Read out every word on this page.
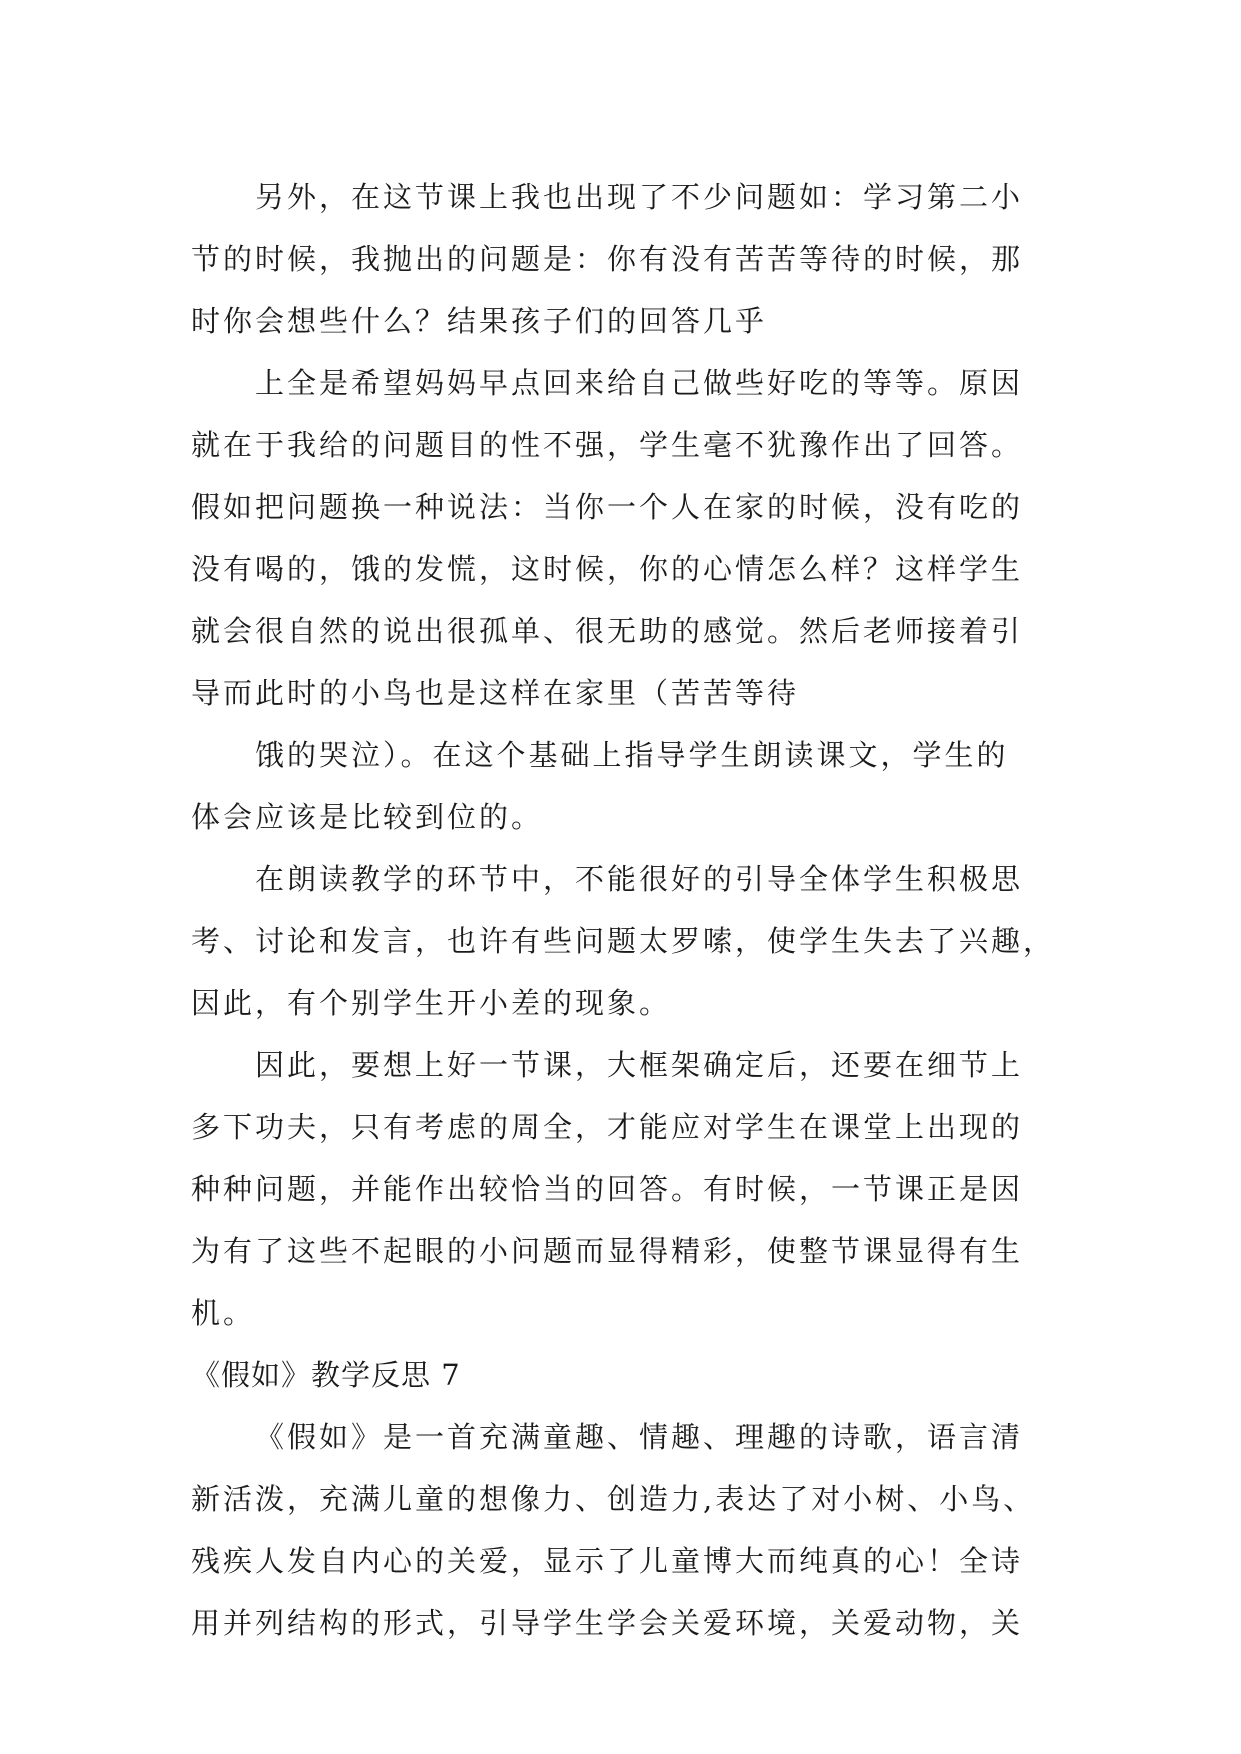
另外，在这节课上我也出现了不少问题如：学习第二小
节的时候，我抛出的问题是：你有没有苦苦等待的时候，那
时你会想些什么？结果孩子们的回答几乎
上全是希望妈妈早点回来给自己做些好吃的等等。原因
就在于我给的问题目的性不强，学生毫不犹豫作出了回答。
假如把问题换一种说法：当你一个人在家的时候，没有吃的
没有喝的，饿的发慌，这时候，你的心情怎么样？这样学生
就会很自然的说出很孤单、很无助的感觉。然后老师接着引
导而此时的小鸟也是这样在家里（苦苦等待
饿的哭泣）。在这个基础上指导学生朗读课文，学生的
体会应该是比较到位的。
在朗读教学的环节中，不能很好的引导全体学生积极思
考、讨论和发言，也许有些问题太罗嗦，使学生失去了兴趣，
因此，有个别学生开小差的现象。
因此，要想上好一节课，大框架确定后，还要在细节上
多下功夫，只有考虑的周全，才能应对学生在课堂上出现的
种种问题，并能作出较恰当的回答。有时候，一节课正是因
为有了这些不起眼的小问题而显得精彩，使整节课显得有生
机。
《假如》教学反思 7
《假如》是一首充满童趣、情趣、理趣的诗歌，语言清
新活泼，充满儿童的想像力、创造力,表达了对小树、小鸟、
残疾人发自内心的关爱，显示了儿童博大而纯真的心！全诗
用并列结构的形式，引导学生学会关爱环境，关爱动物，关
